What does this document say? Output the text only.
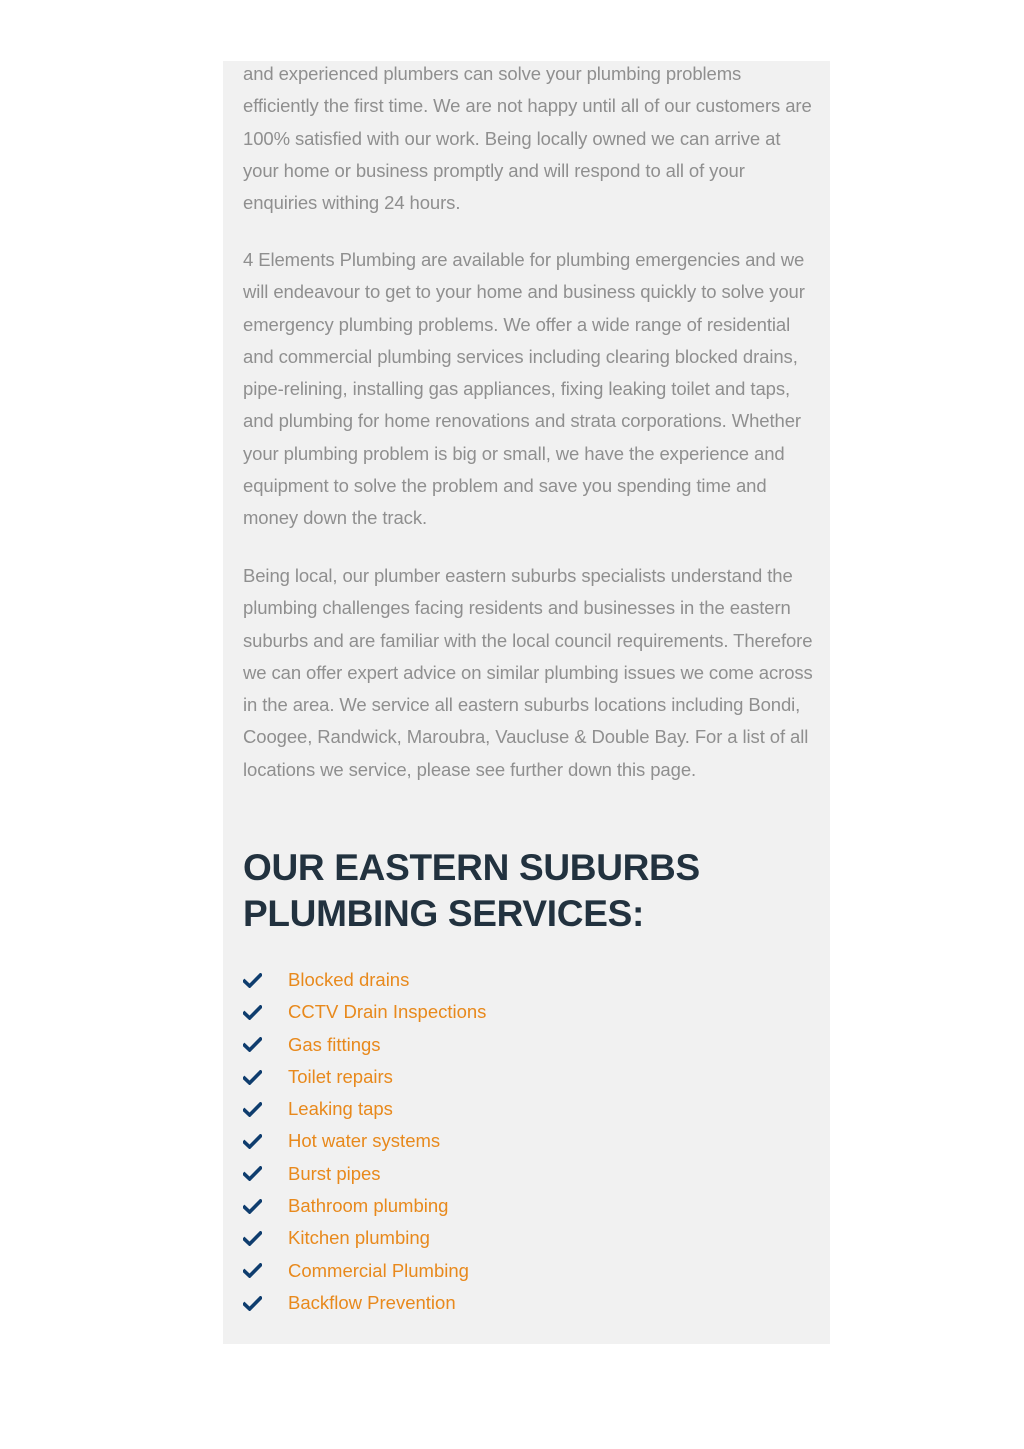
and experienced plumbers can solve your plumbing problems efficiently the first time. We are not happy until all of our customers are 100% satisfied with our work. Being locally owned we can arrive at your home or business promptly and will respond to all of your enquiries withing 24 hours.

4 Elements Plumbing are available for plumbing emergencies and we will endeavour to get to your home and business quickly to solve your emergency plumbing problems. We offer a wide range of residential and commercial plumbing services including clearing blocked drains, pipe-relining, installing gas appliances, fixing leaking toilet and taps, and plumbing for home renovations and strata corporations. Whether your plumbing problem is big or small, we have the experience and equipment to solve the problem and save you spending time and money down the track.

Being local, our plumber eastern suburbs specialists understand the plumbing challenges facing residents and businesses in the eastern suburbs and are familiar with the local council requirements. Therefore we can offer expert advice on similar plumbing issues we come across in the area. We service all eastern suburbs locations including Bondi, Coogee, Randwick, Maroubra, Vaucluse & Double Bay. For a list of all locations we service, please see further down this page.

OUR EASTERN SUBURBS
PLUMBING SERVICES:
Blocked drains
CCTV Drain Inspections
Gas fittings
Toilet repairs
Leaking taps
Hot water systems
Burst pipes
Bathroom plumbing
Kitchen plumbing
Commercial Plumbing
Backflow Prevention
